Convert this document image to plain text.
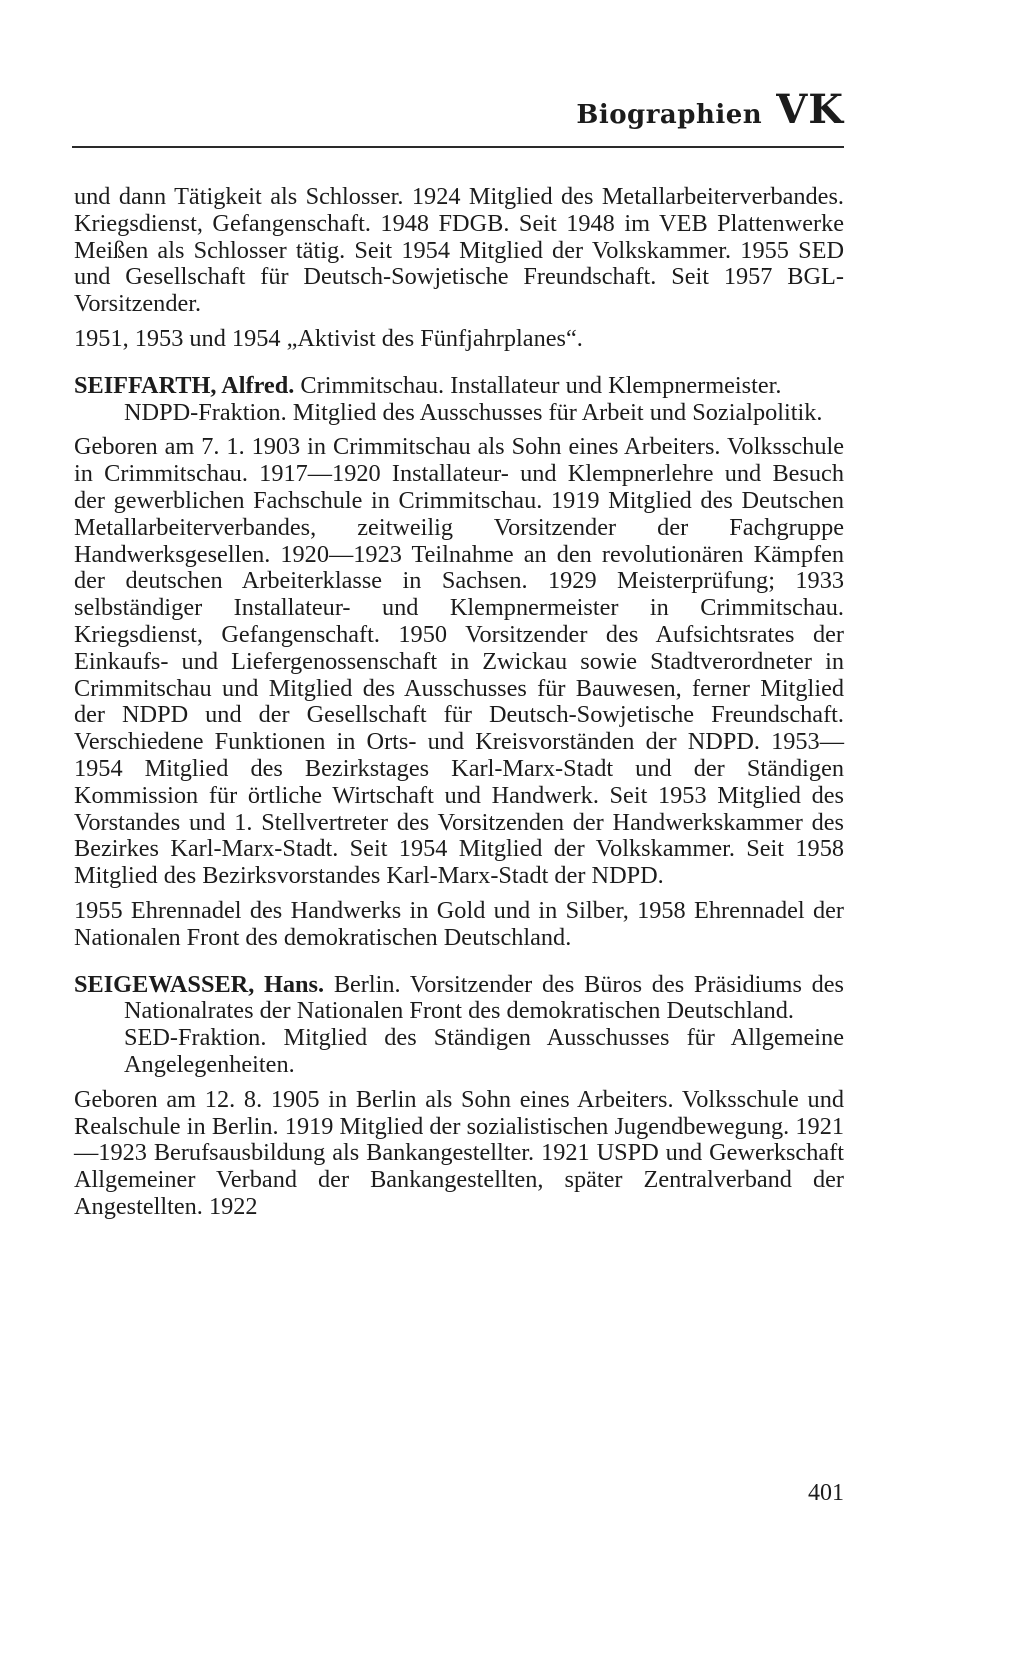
Biographien VK

und dann Tätigkeit als Schlosser. 1924 Mitglied des Metallarbeiterverbandes. Kriegsdienst, Gefangenschaft. 1948 FDGB. Seit 1948 im VEB Plattenwerke Meißen als Schlosser tätig. Seit 1954 Mitglied der Volkskammer. 1955 SED und Gesellschaft für Deutsch-Sowjetische Freundschaft. Seit 1957 BGL-Vorsitzender.

1951, 1953 und 1954 „Aktivist des Fünfjahrplanes“.

SEIFFARTH, Alfred. Crimmitschau. Installateur und Klempnermeister.

NDPD-Fraktion. Mitglied des Ausschusses für Arbeit und Sozialpolitik.

Geboren am 7. 1. 1903 in Crimmitschau als Sohn eines Arbeiters. Volksschule in Crimmitschau. 1917—1920 Installateur- und Klempnerlehre und Besuch der gewerblichen Fachschule in Crimmitschau. 1919 Mitglied des Deutschen Metallarbeiterverbandes, zeitweilig Vorsitzender der Fachgruppe Handwerksgesellen. 1920—1923 Teilnahme an den revolutionären Kämpfen der deutschen Arbeiterklasse in Sachsen. 1929 Meisterprüfung; 1933 selbständiger Installateur- und Klempnermeister in Crimmitschau. Kriegsdienst, Gefangenschaft. 1950 Vorsitzender des Aufsichtsrates der Einkaufs- und Liefergenossenschaft in Zwickau sowie Stadtverordneter in Crimmitschau und Mitglied des Ausschusses für Bauwesen, ferner Mitglied der NDPD und der Gesellschaft für Deutsch-Sowjetische Freundschaft. Verschiedene Funktionen in Orts- und Kreisvorständen der NDPD. 1953—1954 Mitglied des Bezirkstages Karl-Marx-Stadt und der Ständigen Kommission für örtliche Wirtschaft und Handwerk. Seit 1953 Mitglied des Vorstandes und 1. Stellvertreter des Vorsitzenden der Handwerkskammer des Bezirkes Karl-Marx-Stadt. Seit 1954 Mitglied der Volkskammer. Seit 1958 Mitglied des Bezirksvorstandes Karl-Marx-Stadt der NDPD.

1955 Ehrennadel des Handwerks in Gold und in Silber, 1958 Ehrennadel der Nationalen Front des demokratischen Deutschland.

SEIGEWASSER, Hans. Berlin. Vorsitzender des Büros des Präsidiums des Nationalrates der Nationalen Front des demokratischen Deutschland.

SED-Fraktion. Mitglied des Ständigen Ausschusses für Allgemeine Angelegenheiten.

Geboren am 12. 8. 1905 in Berlin als Sohn eines Arbeiters. Volksschule und Realschule in Berlin. 1919 Mitglied der sozialistischen Jugendbewegung. 1921—1923 Berufsausbildung als Bankangestellter. 1921 USPD und Gewerkschaft Allgemeiner Verband der Bankangestellten, später Zentralverband der Angestellten. 1922

401
